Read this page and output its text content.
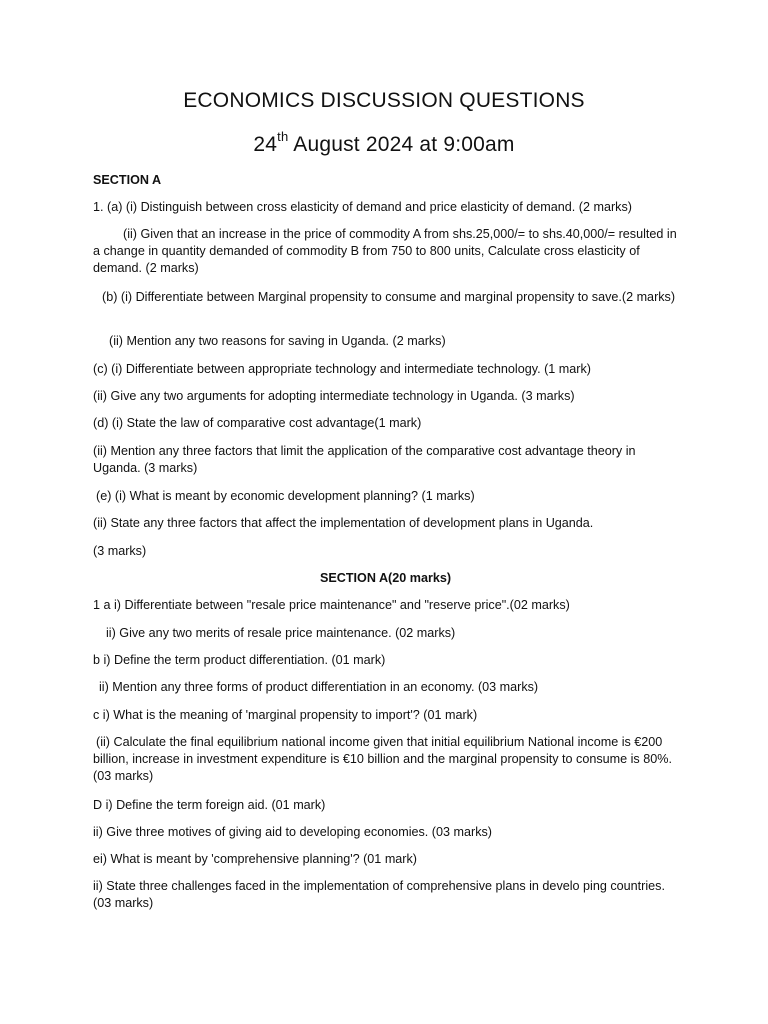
ECONOMICS DISCUSSION QUESTIONS
24th August 2024 at 9:00am
SECTION A
1. (a) (i) Distinguish between cross elasticity of demand and price elasticity of demand. (2 marks)
(ii) Given that an increase in the price of commodity A from shs.25,000/= to shs.40,000/= resulted in a change in quantity demanded of commodity B from 750 to 800 units, Calculate cross elasticity of demand. (2 marks)
(b) (i) Differentiate between Marginal propensity to consume and marginal propensity to save.(2 marks)
(ii) Mention any two reasons for saving in Uganda. (2 marks)
(c) (i) Differentiate between appropriate technology and intermediate technology. (1 mark)
(ii) Give any two arguments for adopting intermediate technology in Uganda. (3 marks)
(d) (i) State the law of comparative cost advantage(1 mark)
(ii) Mention any three factors that limit the application of the comparative cost advantage theory in Uganda. (3 marks)
(e) (i) What is meant by economic development planning? (1 marks)
(ii) State any three factors that affect the implementation of development plans in Uganda.
(3 marks)
SECTION A(20 marks)
1 a i) Differentiate between "resale price maintenance" and "reserve price".(02 marks)
ii) Give any two merits of resale price maintenance. (02 marks)
b i) Define the term product differentiation. (01 mark)
ii) Mention any three forms of product differentiation in an economy. (03 marks)
c i) What is the meaning of 'marginal propensity to import'? (01 mark)
(ii) Calculate the final equilibrium national income given that initial equilibrium National income is €200 billion, increase in investment expenditure is €10 billion and the marginal propensity to consume is 80%. (03 marks)
D i) Define the term foreign aid. (01 mark)
ii) Give three motives of giving aid to developing economies. (03 marks)
ei) What is meant by 'comprehensive planning'? (01 mark)
ii) State three challenges faced in the implementation of comprehensive plans in develo ping countries. (03 marks)
